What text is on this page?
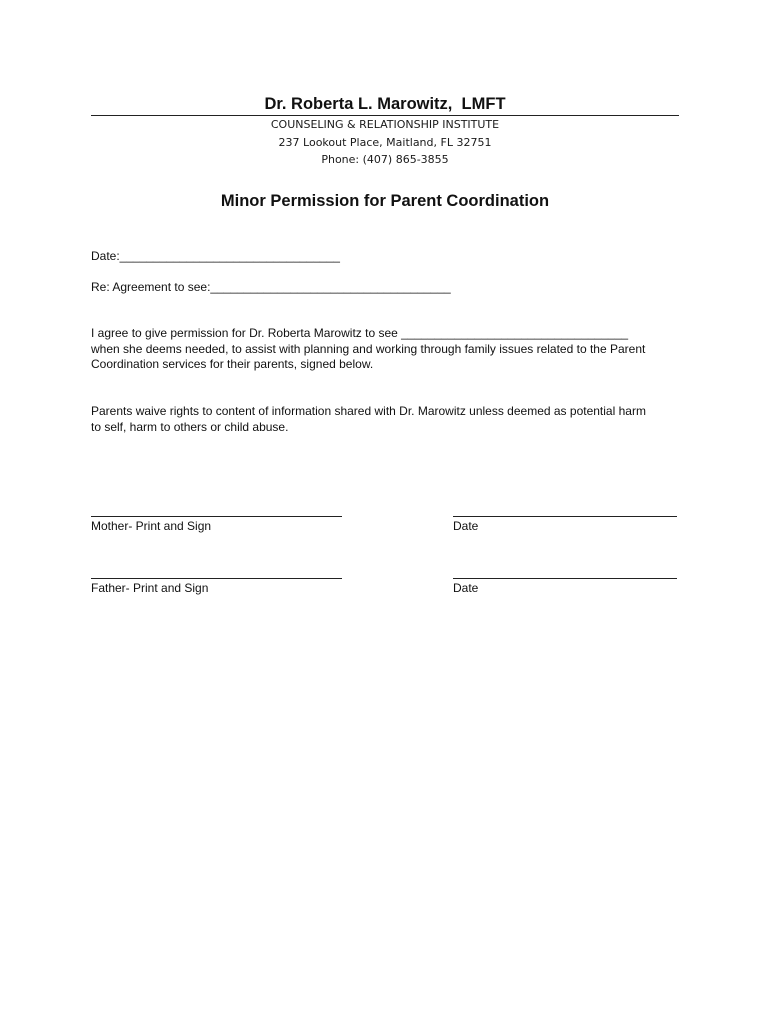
Dr. Roberta L. Marowitz,  LMFT
COUNSELING & RELATIONSHIP INSTITUTE
237 Lookout Place, Maitland, FL 32751
Phone: (407) 865-3855
Minor Permission for Parent Coordination
Date:_________________________________
Re: Agreement to see:____________________________________

I agree to give permission for Dr. Roberta Marowitz to see __________________________________

when she deems needed, to assist with planning and working through family issues related to the Parent

Coordination services for their parents, signed below.

Parents waive rights to content of information shared with Dr. Marowitz unless deemed as potential harm

to self, harm to others or child abuse.

Mother- Print and Sign	Date
Father- Print and Sign	Date
